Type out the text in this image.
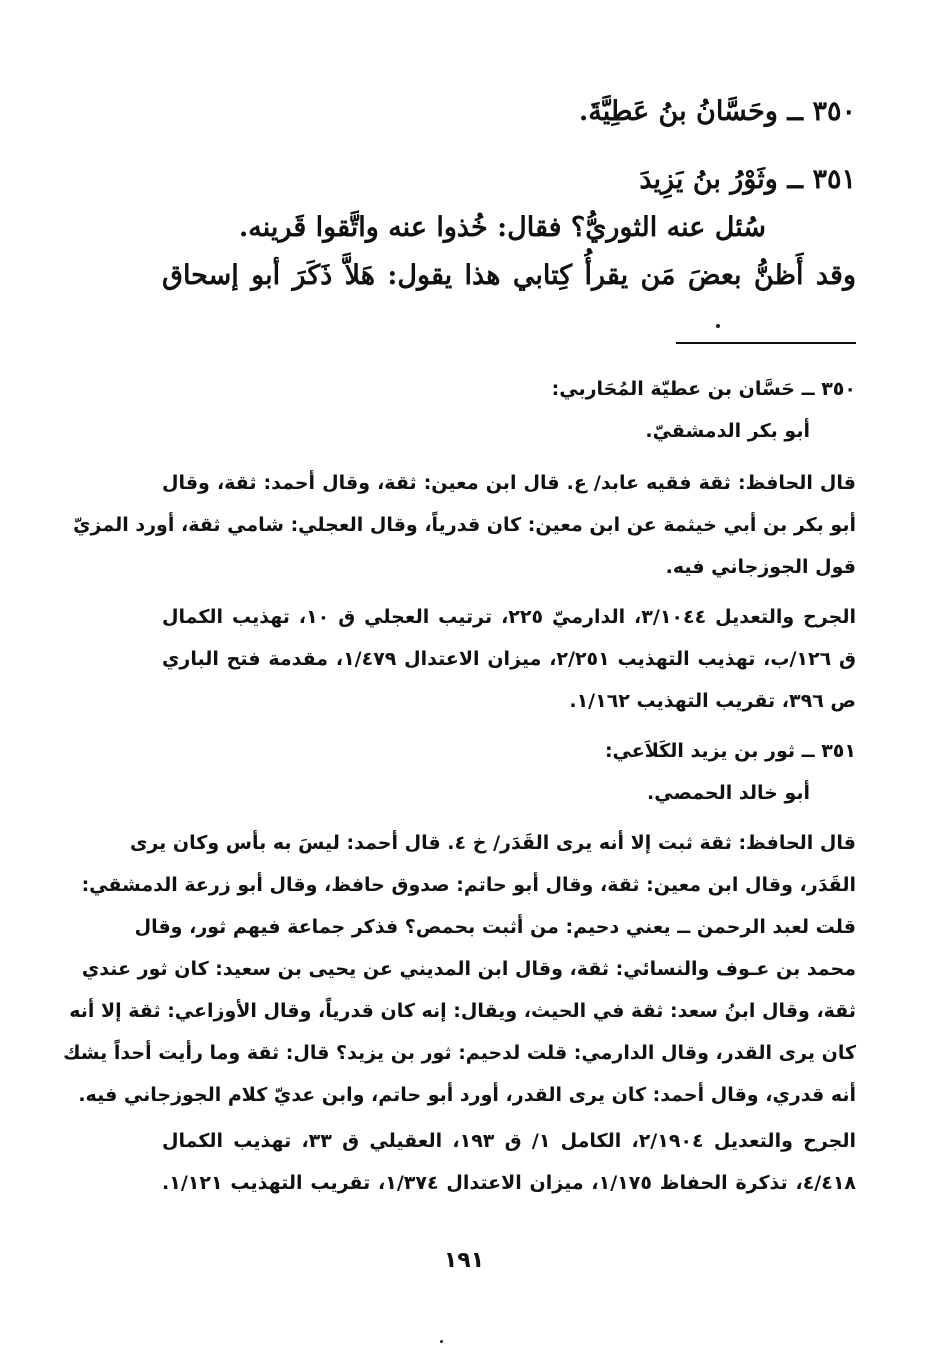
٣٥٠ ــ وحَسَّانُ بنُ عَطِيَّةَ.
٣٥١ ــ وثَوْرُ بنُ يَزِيدَ
سُئل عنه الثوريُّ؟ فقال: خُذوا عنه واتَّقوا قَرينه.
وقد أَظنُّ بعضَ مَن يقرأُ كِتابي هذا يقول: هَلاَّ ذَكَرَ أبو إسحاق
٣٥٠ ــ حَسَّان بن عطيّة المُحَاربي:
أبو بكر الدمشقيّ.
قال الحافظ: ثقة فقيه عابد/ ع. قال ابن معين: ثقة، وقال أحمد: ثقة، وقال
أبو بكر بن أبي خيثمة عن ابن معين: كان قدرياً، وقال العجلي: شامي ثقة، أورد المزيّ
قول الجوزجاني فيه.
الجرح والتعديل ٣/١٠٤٤، الدارميّ ٢٢٥، ترتيب العجلي ق ١٠، تهذيب الكمال
ق ١٢٦/ب، تهذيب التهذيب ٢/٢٥١، ميزان الاعتدال ١/٤٧٩، مقدمة فتح الباري
ص ٣٩٦، تقريب التهذيب ١/١٦٢.
٣٥١ ــ ثور بن يزيد الكَلاَعي:
أبو خالد الحمصي.
قال الحافظ: ثقة ثبت إلا أنه يرى القَدَر/ خ ٤. قال أحمد: ليسَ به بأس وكان يرى
القَدَر، وقال ابن معين: ثقة، وقال أبو حاتم: صدوق حافظ، وقال أبو زرعة الدمشقي:
قلت لعبد الرحمن ــ يعني دحيم: من أثبت بحمص؟ فذكر جماعة فيهم ثور، وقال
محمد بن عـوف والنسائي: ثقة، وقال ابن المديني عن يحيى بن سعيد: كان ثور عندي
ثقة، وقال ابنُ سعد: ثقة في الحيث، ويقال: إنه كان قدرياً، وقال الأوزاعي: ثقة إلا أنه
كان يرى القدر، وقال الدارمي: قلت لدحيم: ثور بن يزيد؟ قال: ثقة وما رأيت أحداً يشك
أنه قدري، وقال أحمد: كان يرى القدر، أورد أبو حاتم، وابن عديّ كلام الجوزجاني فيه.
الجرح والتعديل ٢/١٩٠٤، الكامل ١/ ق ١٩٣، العقيلي ق ٣٣، تهذيب الكمال
٤/٤١٨، تذكرة الحفاظ ١/١٧٥، ميزان الاعتدال ١/٣٧٤، تقريب التهذيب ١/١٢١.
١٩١
